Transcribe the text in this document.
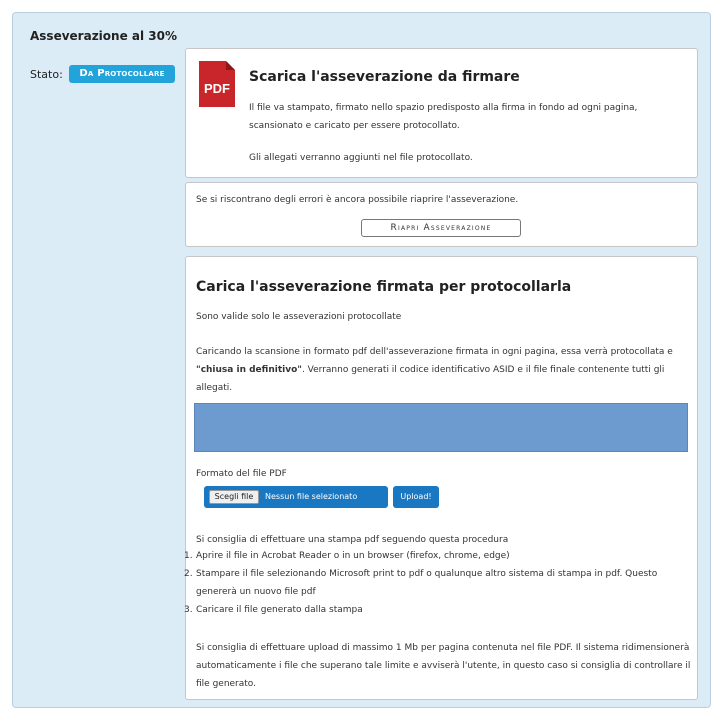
Asseverazione al 30%
Stato:	Da Protocollare
PDF
Scarica l'asseverazione da firmare
Il file va stampato, firmato nello spazio predisposto alla firma in fondo ad ogni pagina, scansionato e caricato per essere protocollato.
Gli allegati verranno aggiunti nel file protocollato.
Se si riscontrano degli errori è ancora possibile riaprire l'asseverazione.
Riapri Asseverazione
Carica l'asseverazione firmata per protocollarla
Sono valide solo le asseverazioni protocollate
Caricando la scansione in formato pdf dell'asseverazione firmata in ogni pagina, essa verrà protocollata e "chiusa in definitivo". Verranno generati il codice identificativo ASID e il file finale contenente tutti gli allegati.
Formato del file PDF
Scegli file	Nessun file selezionato	Upload!
Si consiglia di effettuare una stampa pdf seguendo questa procedura
1. Aprire il file in Acrobat Reader o in un browser (firefox, chrome, edge)
2. Stampare il file selezionando Microsoft print to pdf o qualunque altro sistema di stampa in pdf. Questo genererà un nuovo file pdf
3. Caricare il file generato dalla stampa
Si consiglia di effettuare upload di massimo 1 Mb per pagina contenuta nel file PDF. Il sistema ridimensionerà automaticamente i file che superano tale limite e avviserà l'utente, in questo caso si consiglia di controllare il file generato.
